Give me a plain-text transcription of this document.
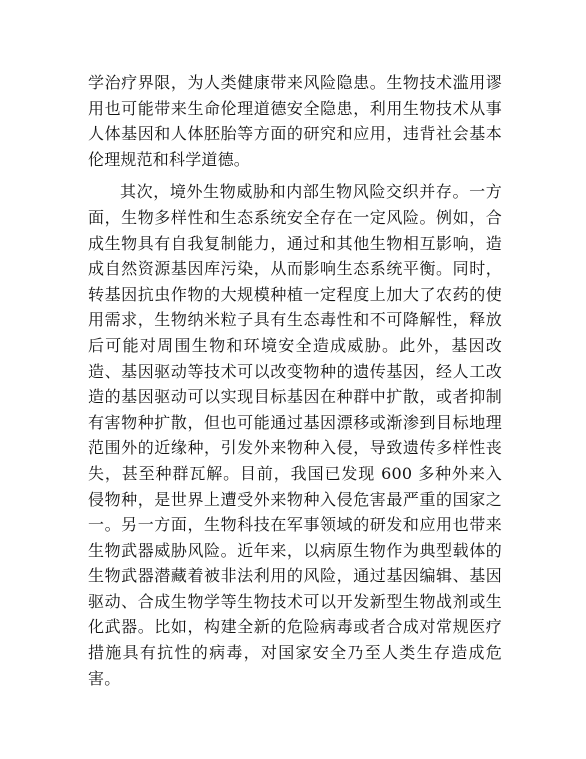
学治疗界限，为人类健康带来风险隐患。生物技术滥用谬用也可能带来生命伦理道德安全隐患，利用生物技术从事人体基因和人体胚胎等方面的研究和应用，违背社会基本伦理规范和科学道德。

其次，境外生物威胁和内部生物风险交织并存。一方面，生物多样性和生态系统安全存在一定风险。例如，合成生物具有自我复制能力，通过和其他生物相互影响，造成自然资源基因库污染，从而影响生态系统平衡。同时，转基因抗虫作物的大规模种植一定程度上加大了农药的使用需求，生物纳米粒子具有生态毒性和不可降解性，释放后可能对周围生物和环境安全造成威胁。此外，基因改造、基因驱动等技术可以改变物种的遗传基因，经人工改造的基因驱动可以实现目标基因在种群中扩散，或者抑制有害物种扩散，但也可能通过基因漂移或渐渗到目标地理范围外的近缘种，引发外来物种入侵，导致遗传多样性丧失，甚至种群瓦解。目前，我国已发现 600 多种外来入侵物种，是世界上遭受外来物种入侵危害最严重的国家之一。另一方面，生物科技在军事领域的研发和应用也带来生物武器威胁风险。近年来，以病原生物作为典型载体的生物武器潜藏着被非法利用的风险，通过基因编辑、基因驱动、合成生物学等生物技术可以开发新型生物战剂或生化武器。比如，构建全新的危险病毒或者合成对常规医疗措施具有抗性的病毒，对国家安全乃至人类生存造成危害。
